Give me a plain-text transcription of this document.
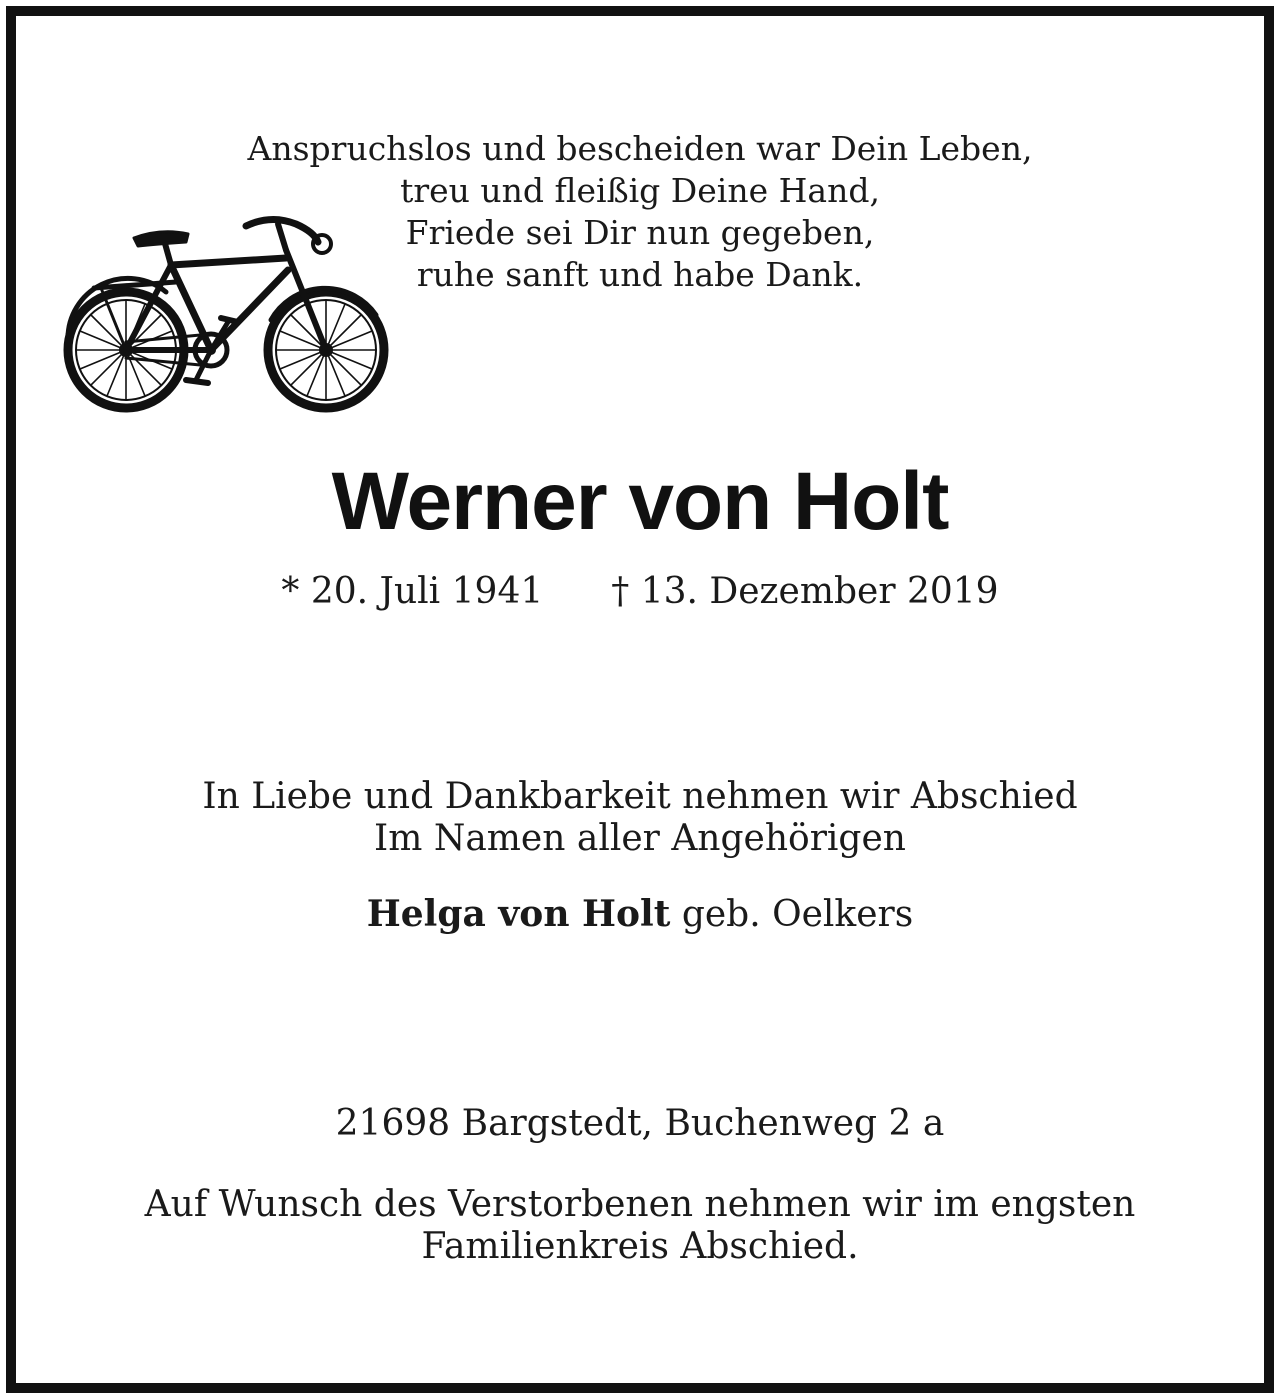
Anspruchslos und bescheiden war Dein Leben,
treu und fleißig Deine Hand,
Friede sei Dir nun gegeben,
ruhe sanft und habe Dank.
Werner von Holt
* 20. Juli 1941 † 13. Dezember 2019
In Liebe und Dankbarkeit nehmen wir Abschied
Im Namen aller Angehörigen
Helga von Holt geb. Oelkers
21698 Bargstedt, Buchenweg 2 a
Auf Wunsch des Verstorbenen nehmen wir im engsten
Familienkreis Abschied.
